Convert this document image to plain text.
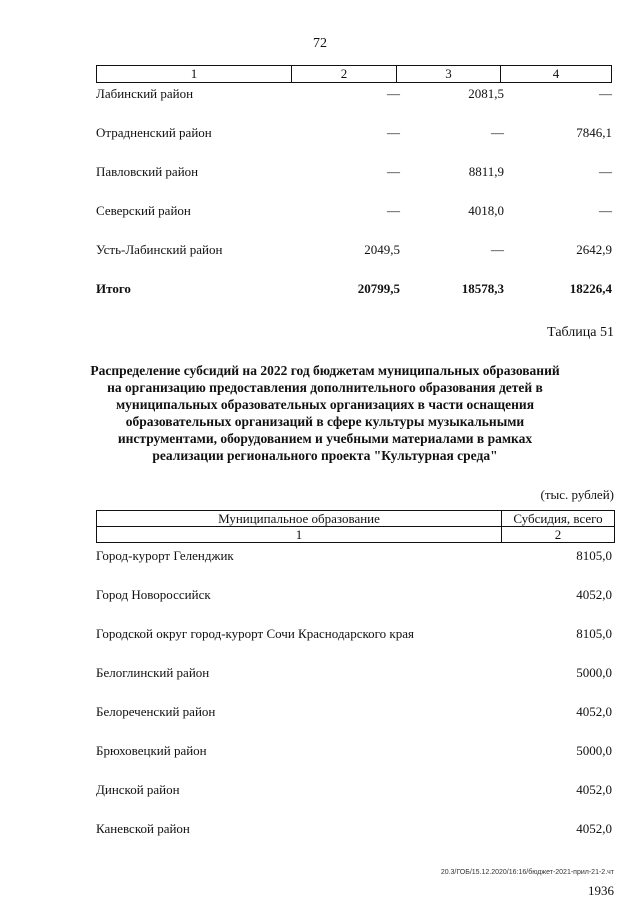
72
1	2	3	4
Лабинский район	—	2081,5	—
Отрадненский район	—	—	7846,1
Павловский район	—	8811,9	—
Северский район	—	4018,0	—
Усть-Лабинский район	2049,5	—	2642,9
Итого	20799,5	18578,3	18226,4
Таблица 51
Распределение субсидий на 2022 год бюджетам муниципальных образований на организацию предоставления дополнительного образования детей в муниципальных образовательных организациях в части оснащения образовательных организаций в сфере культуры музыкальными инструментами, оборудованием и учебными материалами в рамках реализации регионального проекта "Культурная среда"
(тыс. рублей)
Муниципальное образование	Субсидия, всего
1	2
Город-курорт Геленджик	8105,0
Город Новороссийск	4052,0
Городской округ город-курорт Сочи Краснодарского края	8105,0
Белоглинский район	5000,0
Белореченский район	4052,0
Брюховецкий район	5000,0
Динской район	4052,0
Каневской район	4052,0
20.3/ГОБ/15.12.2020/16:16/бюджет-2021-прил-21-2.чт
1936
